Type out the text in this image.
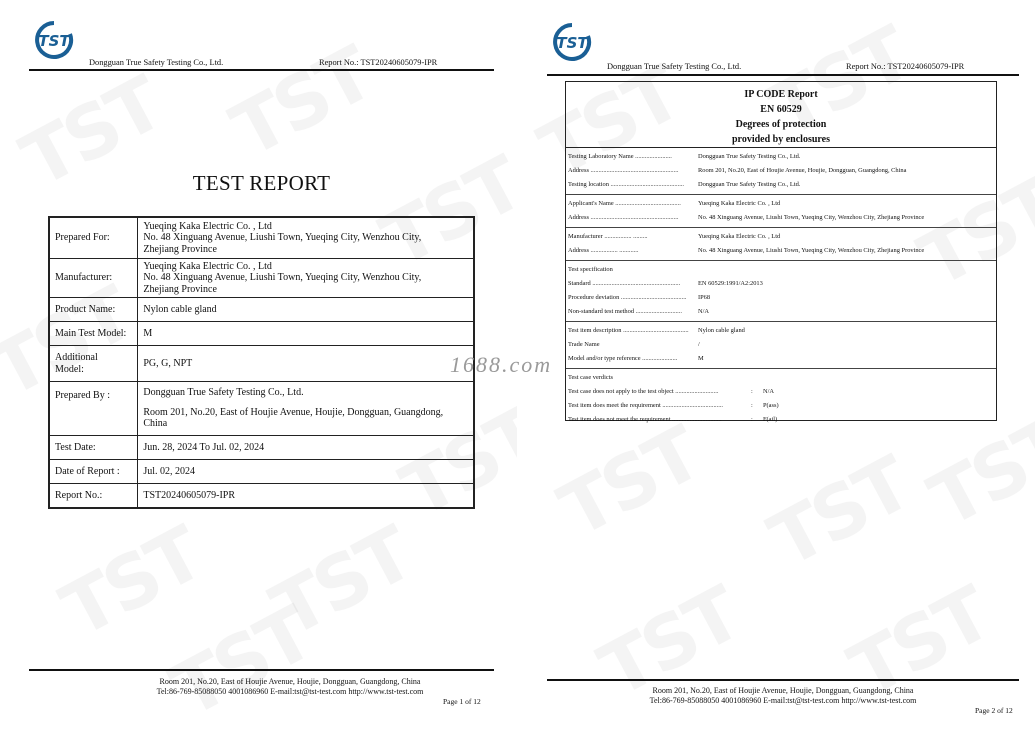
TST
Dongguan True Safety Testing Co., Ltd.	Report No.: TST20240605079-IPR
TEST REPORT
Prepared For:	Yueqing Kaka Electric Co. , Ltd
No. 48 Xinguang Avenue, Liushi Town, Yueqing City, Wenzhou City,
Zhejiang Province

Manufacturer:	Yueqing Kaka Electric Co. , Ltd
No. 48 Xinguang Avenue, Liushi Town, Yueqing City, Wenzhou City,
Zhejiang Province

Product Name:	Nylon cable gland
Main Test Model:	M

Additional
Model:	PG, G, NPT
Prepared By :	Dongguan True Safety Testing Co., Ltd.
Room 201, No.20, East of Houjie Avenue, Houjie, Dongguan, Guangdong,
China

Test Date:	Jun. 28, 2024 To Jul. 02, 2024
Date of Report :	Jul. 02, 2024
Report No.:	TST20240605079-IPR
Room 201, No.20, East of Houjie Avenue, Houjie, Dongguan, Guangdong, China
Tel:86-769-85088050 4001086960 E-mail:tst@tst-test.com http://www.tst-test.com
Page 1 of 12
TST
Dongguan True Safety Testing Co., Ltd.	Report No.: TST20240605079-IPR
IP CODE Report
EN 60529
Degrees of protection
provided by enclosures
Testing Laboratory Name .......................	Dongguan True Safety Testing Co., Ltd.
Address .......................................................	Room 201, No.20, East of Houjie Avenue, Houjie, Dongguan, Guangdong, China
Testing location ..............................................	Dongguan True Safety Testing Co., Ltd.
Applicant's Name .........................................	Yueqing Kaka Electric Co. , Ltd
Address .......................................................	No. 48 Xinguang Avenue, Liushi Town, Yueqing City, Wenzhou City, Zhejiang Province
Manufacturer ................. .........	Yueqing Kaka Electric Co. , Ltd
Address ................. ............	No. 48 Xinguang Avenue, Liushi Town, Yueqing City, Wenzhou City, Zhejiang Province
Test specification
Standard .......................................................	EN 60529:1991/A2:2013
Procedure deviation .........................................	IP68
Non-standard test method .............................	N/A
Test item description .........................................	Nylon cable gland
Trade Name	/
Model and/or type reference ......................	M
Test case verdicts
Test case does not apply to the test object ...........................	:	N/A
Test item does meet the requirement ......................................	:	P(ass)
Test item does not meet the requirement ...............................	:	F(ail)
Room 201, No.20, East of Houjie Avenue, Houjie, Dongguan, Guangdong, China
Tel:86-769-85088050 4001086960 E-mail:tst@tst-test.com http://www.tst-test.com
Page 2 of 12
1688.com
